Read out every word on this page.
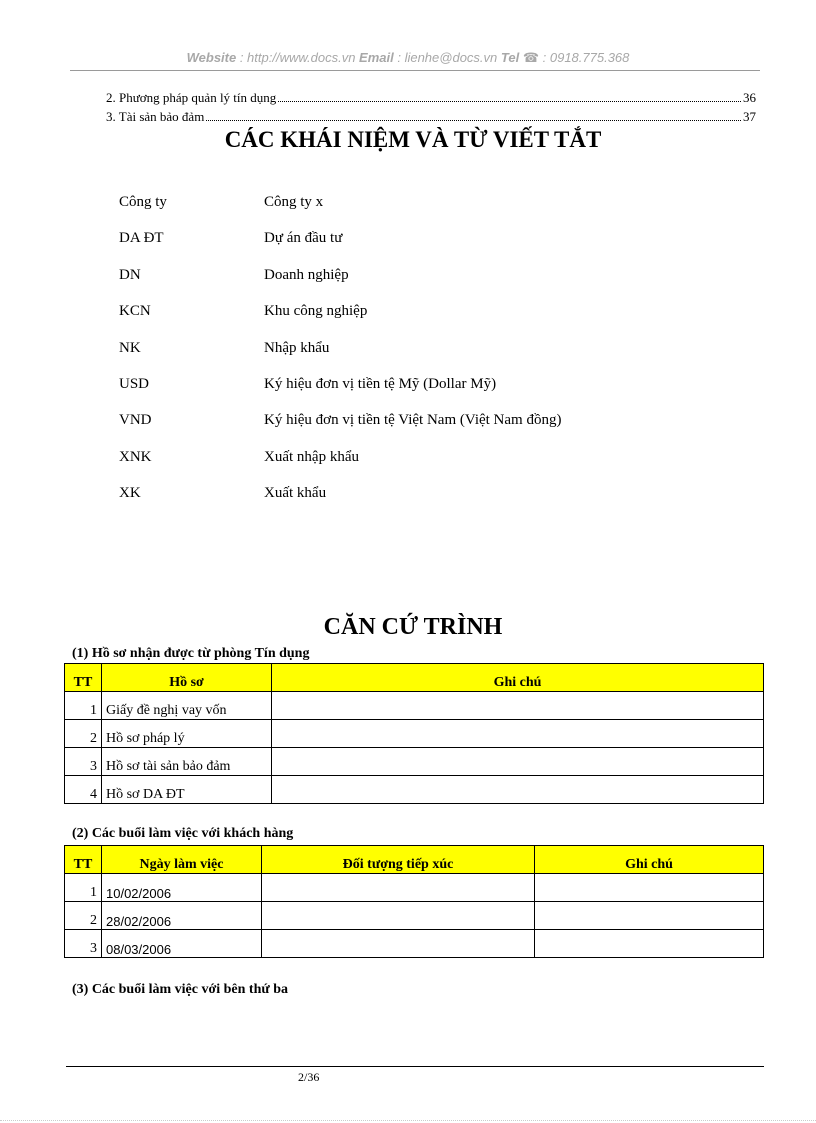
Website : http://www.docs.vn Email : lienhe@docs.vn Tel ☎ : 0918.775.368
2. Phương pháp quản lý tín dụng	36
3. Tài sản bảo đảm	37
CÁC KHÁI NIỆM VÀ TỪ VIẾT TẮT
Công ty	Công ty x
DA ĐT	Dự án đầu tư
DN	Doanh nghiệp
KCN	Khu công nghiệp
NK	Nhập khẩu
USD	Ký hiệu đơn vị tiền tệ Mỹ (Dollar Mỹ)
VND	Ký hiệu đơn vị tiền tệ Việt Nam (Việt Nam đồng)
XNK	Xuất nhập khẩu
XK	Xuất khẩu
CĂN CỨ TRÌNH
(1) Hồ sơ nhận được từ phòng Tín dụng
TT	Hồ sơ	Ghi chú
1	Giấy đề nghị vay vốn	
2	Hồ sơ pháp lý	
3	Hồ sơ tài sản bảo đảm	
4	Hồ sơ DA ĐT	
(2) Các buổi làm việc với khách hàng
TT	Ngày làm việc	Đối tượng tiếp xúc	Ghi chú
1	10/02/2006		
2	28/02/2006		
3	08/03/2006		
(3) Các buổi làm việc với bên thứ ba
2/36
